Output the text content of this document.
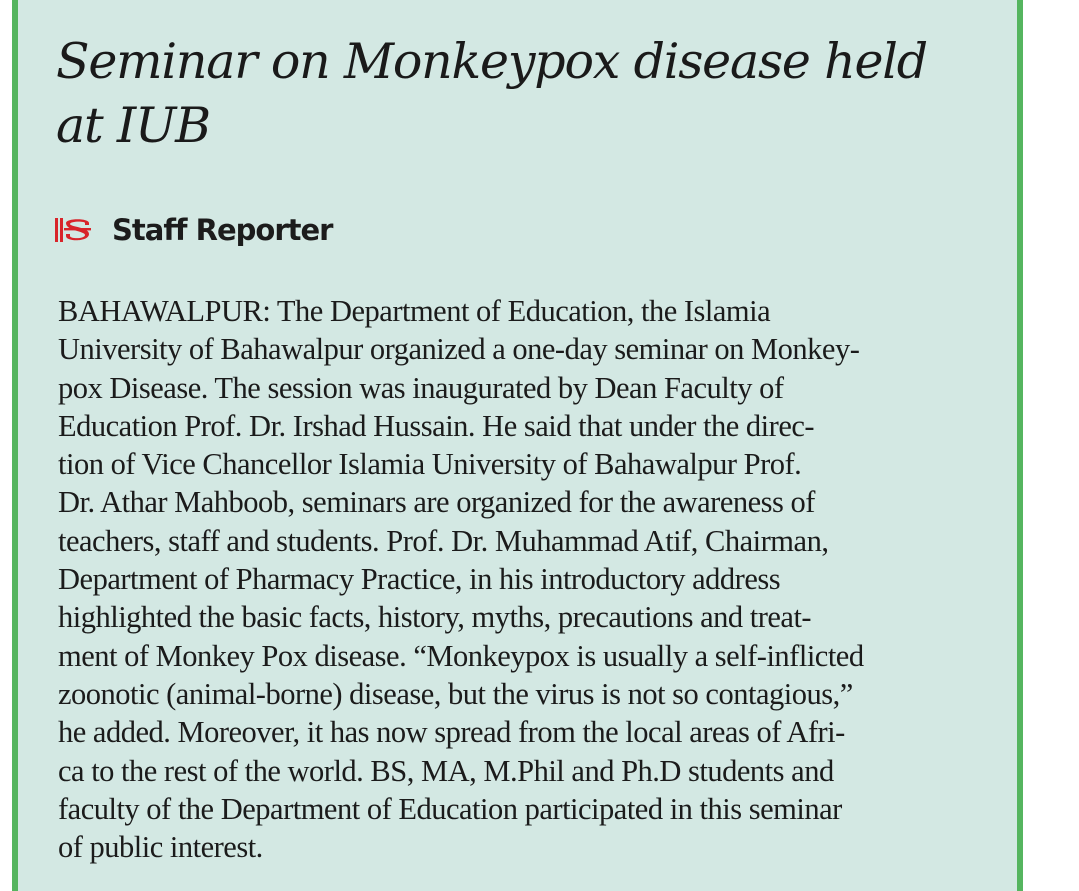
Seminar on Monkeypox disease held at IUB
Staff Reporter

BAHAWALPUR: The Department of Education, the Islamia
University of Bahawalpur organized a one-day seminar on Monkey-
pox Disease. The session was inaugurated by Dean Faculty of
Education Prof. Dr. Irshad Hussain. He said that under the direc-
tion of Vice Chancellor Islamia University of Bahawalpur Prof.
Dr. Athar Mahboob, seminars are organized for the awareness of
teachers, staff and students. Prof. Dr. Muhammad Atif, Chairman,
Department of Pharmacy Practice, in his introductory address
highlighted the basic facts, history, myths, precautions and treat-
ment of Monkey Pox disease. “Monkeypox is usually a self-inflicted
zoonotic (animal-borne) disease, but the virus is not so contagious,”
he added. Moreover, it has now spread from the local areas of Afri-
ca to the rest of the world. BS, MA, M.Phil and Ph.D students and
faculty of the Department of Education participated in this seminar
of public interest.
